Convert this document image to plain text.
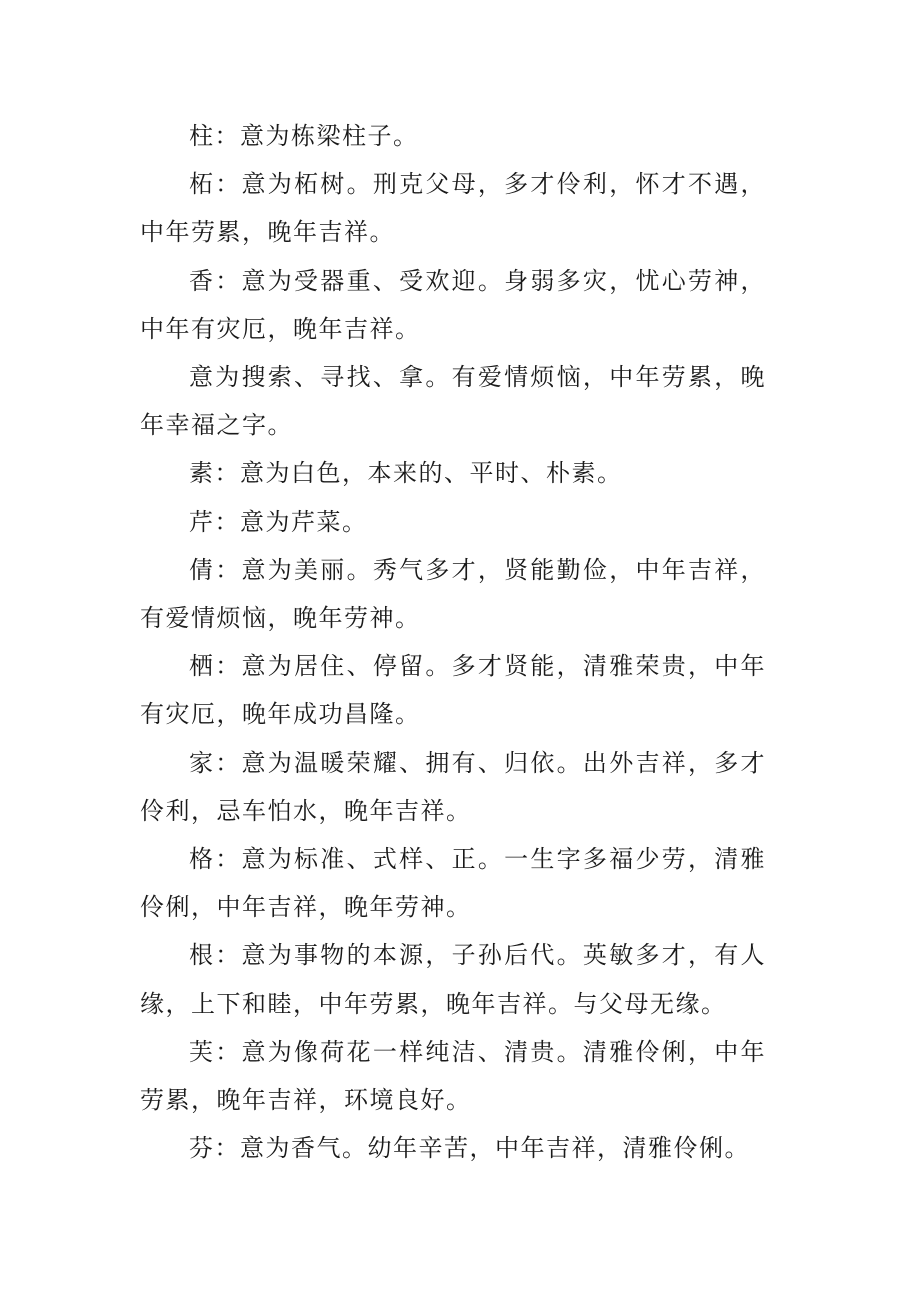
柱：意为栋梁柱子。

柘：意为柘树。刑克父母，多才伶利，怀才不遇，中年劳累，晚年吉祥。

香：意为受器重、受欢迎。身弱多灾，忧心劳神，中年有灾厄，晚年吉祥。

意为搜索、寻找、拿。有爱情烦恼，中年劳累，晚年幸福之字。

素：意为白色，本来的、平时、朴素。

芹：意为芹菜。

倩：意为美丽。秀气多才，贤能勤俭，中年吉祥，有爱情烦恼，晚年劳神。

栖：意为居住、停留。多才贤能，清雅荣贵，中年有灾厄，晚年成功昌隆。

家：意为温暖荣耀、拥有、归依。出外吉祥，多才伶利，忌车怕水，晚年吉祥。

格：意为标准、式样、正。一生字多福少劳，清雅伶俐，中年吉祥，晚年劳神。

根：意为事物的本源，子孙后代。英敏多才，有人缘，上下和睦，中年劳累，晚年吉祥。与父母无缘。

芙：意为像荷花一样纯洁、清贵。清雅伶俐，中年劳累，晚年吉祥，环境良好。

芬：意为香气。幼年辛苦，中年吉祥，清雅伶俐。
